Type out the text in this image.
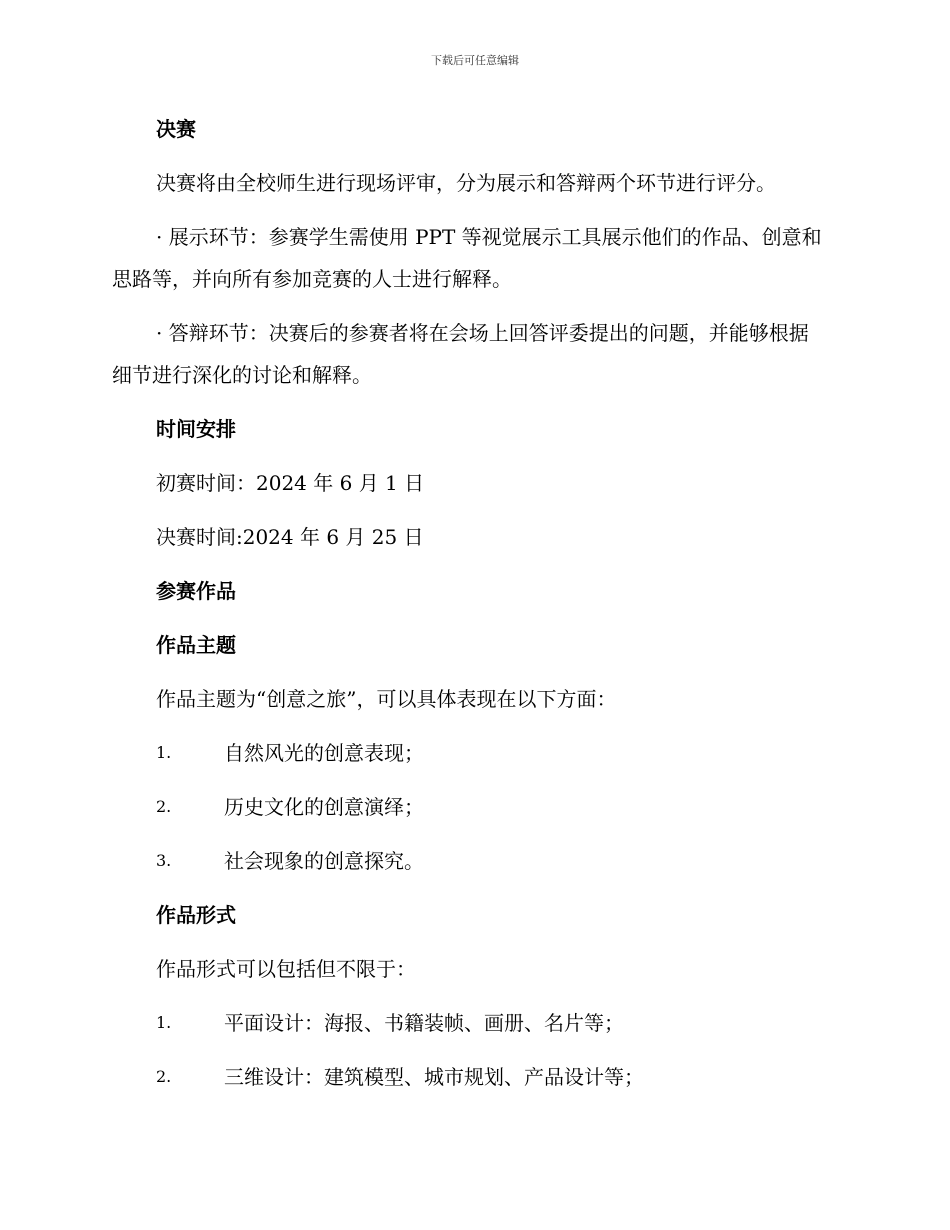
下载后可任意编辑

决赛

决赛将由全校师生进行现场评审，分为展示和答辩两个环节进行评分。

· 展示环节：参赛学生需使用 PPT 等视觉展示工具展示他们的作品、创意和思路等，并向所有参加竞赛的人士进行解释。

· 答辩环节：决赛后的参赛者将在会场上回答评委提出的问题，并能够根据细节进行深化的讨论和解释。

时间安排

初赛时间：2024 年 6 月 1 日

决赛时间:2024 年 6 月 25 日

参赛作品

作品主题

作品主题为“创意之旅”，可以具体表现在以下方面：

1.	自然风光的创意表现；
2.	历史文化的创意演绎；
3.	社会现象的创意探究。

作品形式

作品形式可以包括但不限于：

1.	平面设计：海报、书籍装帧、画册、名片等；
2.	三维设计：建筑模型、城市规划、产品设计等；
